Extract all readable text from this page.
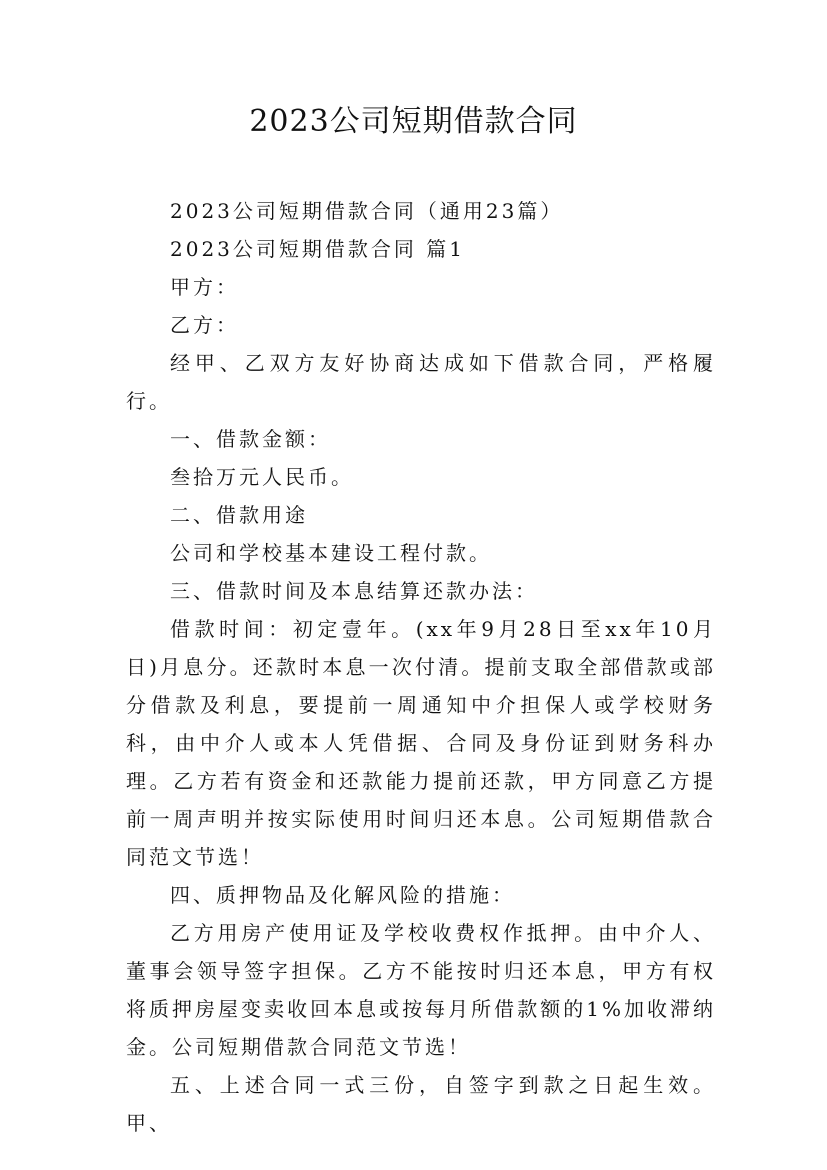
2023公司短期借款合同

2023公司短期借款合同（通用23篇）

2023公司短期借款合同 篇1

甲方：

乙方：

经甲、乙双方友好协商达成如下借款合同，严格履行。

一、借款金额：

叁拾万元人民币。

二、借款用途

公司和学校基本建设工程付款。

三、借款时间及本息结算还款办法：

借款时间：初定壹年。(xx年9月28日至xx年10月日)月息分。还款时本息一次付清。提前支取全部借款或部分借款及利息，要提前一周通知中介担保人或学校财务科，由中介人或本人凭借据、合同及身份证到财务科办理。乙方若有资金和还款能力提前还款，甲方同意乙方提前一周声明并按实际使用时间归还本息。公司短期借款合同范文节选！

四、质押物品及化解风险的措施：

乙方用房产使用证及学校收费权作抵押。由中介人、董事会领导签字担保。乙方不能按时归还本息，甲方有权将质押房屋变卖收回本息或按每月所借款额的1%加收滞纳金。公司短期借款合同范文节选！

五、上述合同一式三份，自签字到款之日起生效。甲、
